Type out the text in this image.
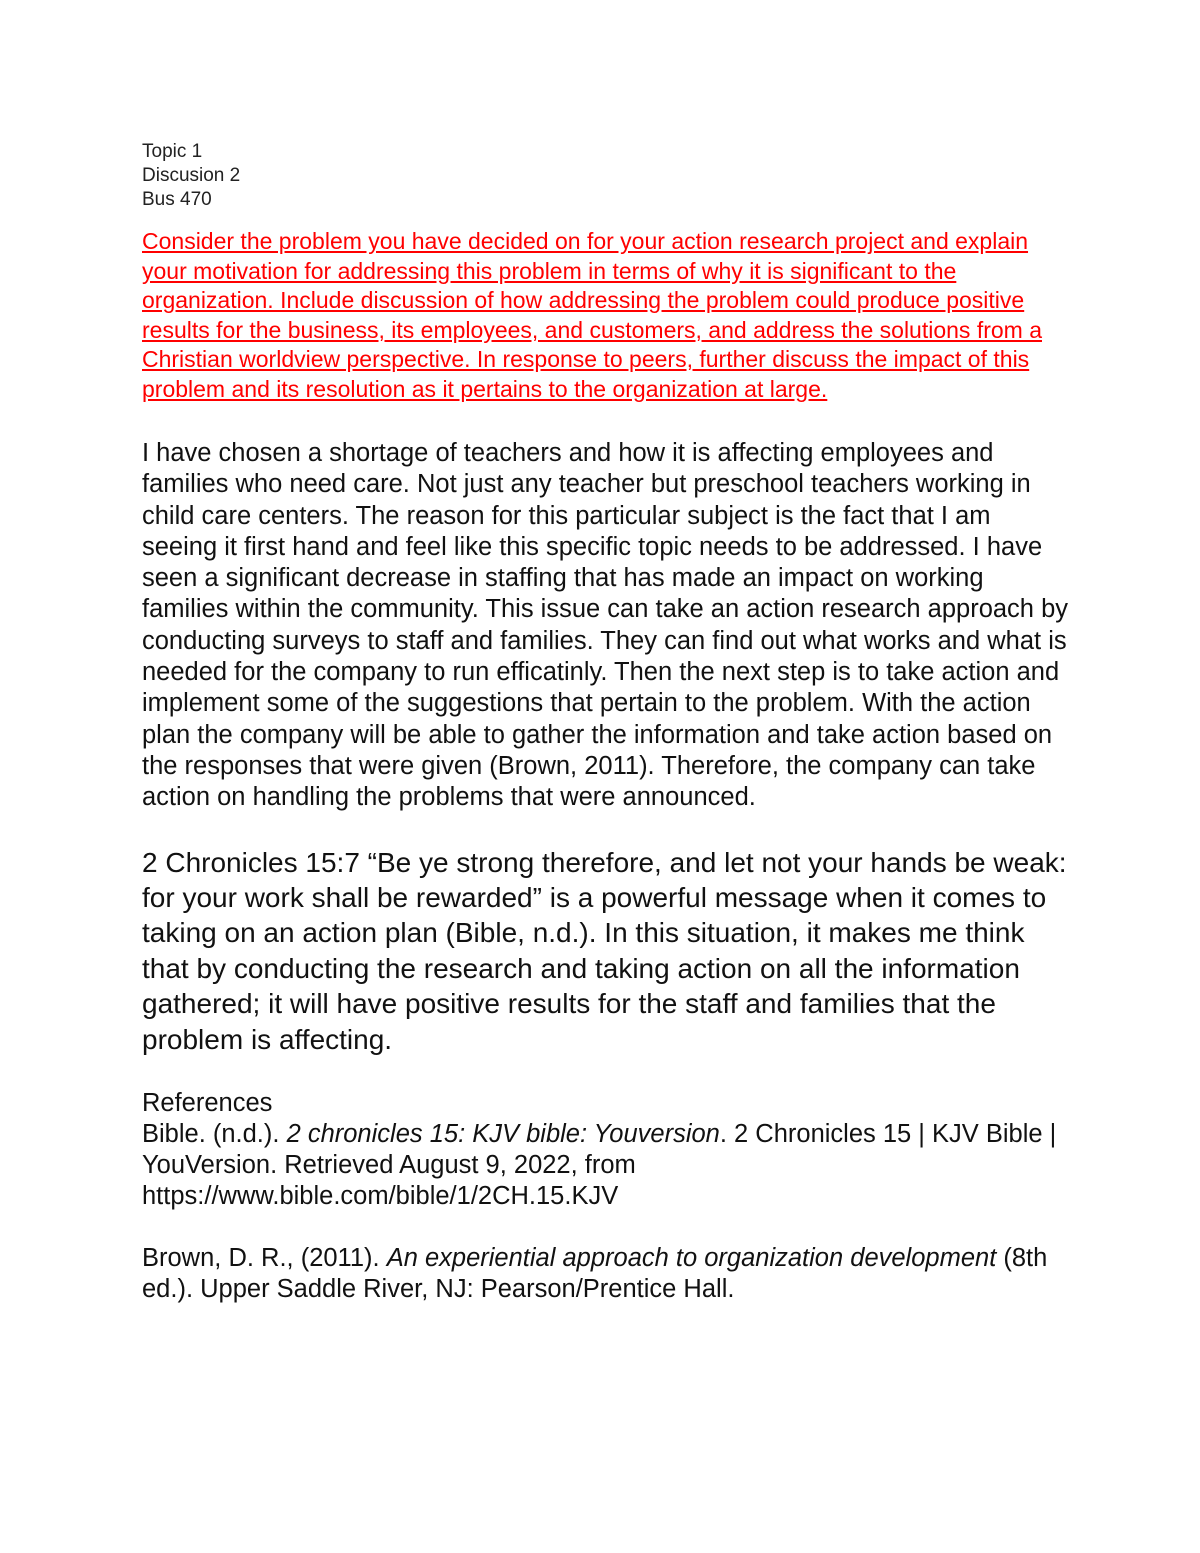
Topic 1

Discusion 2

Bus 470

Consider the problem you have decided on for your action research project and explain your motivation for addressing this problem in terms of why it is significant to the organization. Include discussion of how addressing the problem could produce positive results for the business, its employees, and customers, and address the solutions from a Christian worldview perspective. In response to peers, further discuss the impact of this problem and its resolution as it pertains to the organization at large.

I have chosen a shortage of teachers and how it is affecting employees and families who need care. Not just any teacher but preschool teachers working in child care centers. The reason for this particular subject is the fact that I am seeing it first hand and feel like this specific topic needs to be addressed. I have seen a significant decrease in staffing that has made an impact on working families within the community. This issue can take an action research approach by conducting surveys to staff and families. They can find out what works and what is needed for the company to run efficatinly. Then the next step is to take action and implement some of the suggestions that pertain to the problem. With the action plan the company will be able to gather the information and take action based on the responses that were given (Brown, 2011). Therefore, the company can take action on handling the problems that were announced.

2 Chronicles 15:7 “Be ye strong therefore, and let not your hands be weak: for your work shall be rewarded” is a powerful message when it comes to taking on an action plan (Bible, n.d.). In this situation, it makes me think that by conducting the research and taking action on all the information gathered; it will have positive results for the staff and families that the problem is affecting.

References

Bible. (n.d.). 2 chronicles 15: KJV bible: Youversion. 2 Chronicles 15 | KJV Bible | YouVersion. Retrieved August 9, 2022, from https://www.bible.com/bible/1/2CH.15.KJV

Brown, D. R., (2011). An experiential approach to organization development (8th ed.). Upper Saddle River, NJ: Pearson/Prentice Hall.
